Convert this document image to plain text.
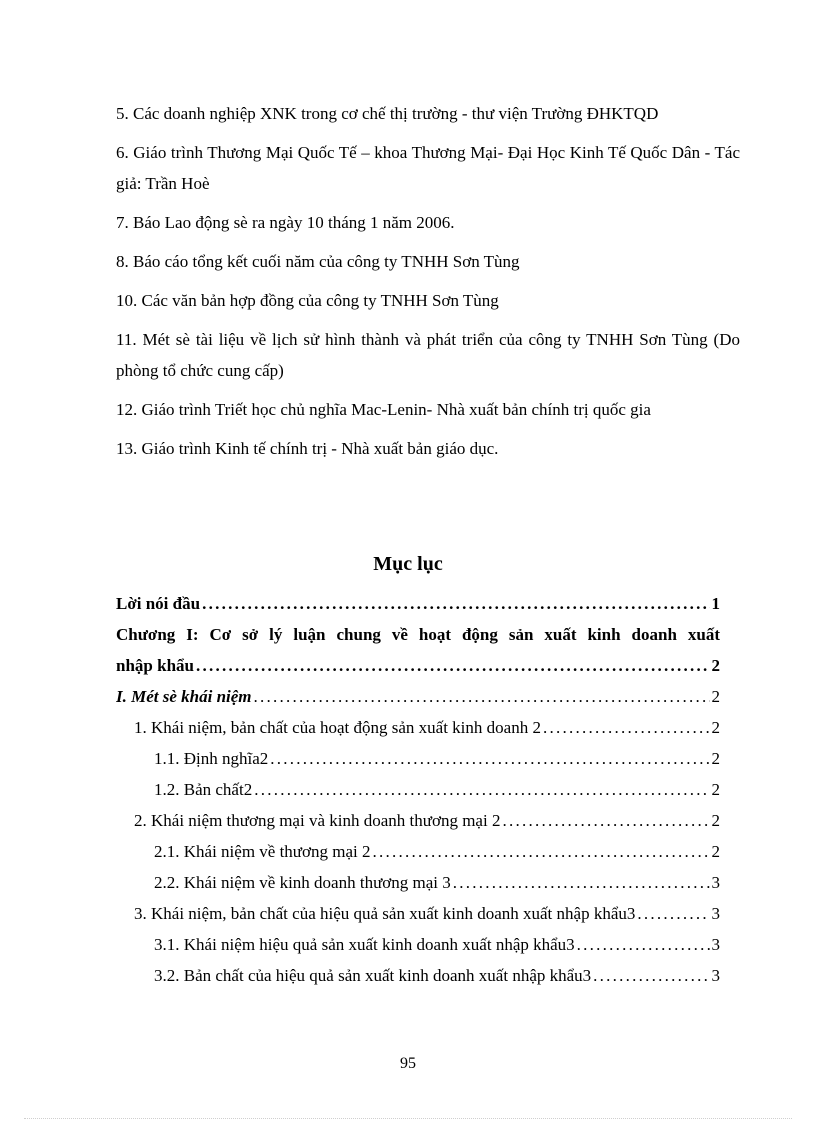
5. Các doanh nghiệp XNK trong cơ chế thị trường - thư viện Trường ĐHKTQD

6. Giáo trình Thương Mại Quốc Tế – khoa Thương Mại- Đại Học Kinh Tế Quốc Dân - Tác giả: Trần Hoè

7. Báo Lao động sè ra ngày 10 tháng 1 năm 2006.

8. Báo cáo tổng kết cuối năm của công ty TNHH Sơn Tùng

10. Các văn bản hợp đồng của công ty TNHH Sơn Tùng

11. Mét sè tài liệu về lịch sử hình thành và phát triển của công ty TNHH Sơn Tùng (Do phòng tổ chức cung cấp)

12. Giáo trình Triết học chủ nghĩa Mac-Lenin- Nhà xuất bản chính trị quốc gia

13. Giáo trình Kinh tế chính trị - Nhà xuất bản giáo dục.

Mục lục
Lời nói đầu . . .	1
Chương I: Cơ sở lý luận chung về hoạt động sản xuất kinh doanh xuất
nhập khẩu . . .	2
I. Mét sè khái niệm . . .	2
1. Khái niệm, bản chất của hoạt động sản xuất kinh doanh 2 . . .	2
1.1. Định nghĩa2 . . .	2
1.2. Bản chất2 . . .	2
2. Khái niệm thương mại và kinh doanh thương mại 2 . . .	2
2.1. Khái niệm về thương mại 2 . . .	2
2.2. Khái niệm về kinh doanh thương mại 3 . . .	3
3. Khái niệm, bản chất của hiệu quả sản xuất kinh doanh xuất nhập khẩu3 . . .	3
3.1. Khái niệm hiệu quả sản xuất kinh doanh xuất nhập khẩu3 . . .	3
3.2. Bản chất của hiệu quả sản xuất kinh doanh xuất nhập khẩu3 . . .	3
95
